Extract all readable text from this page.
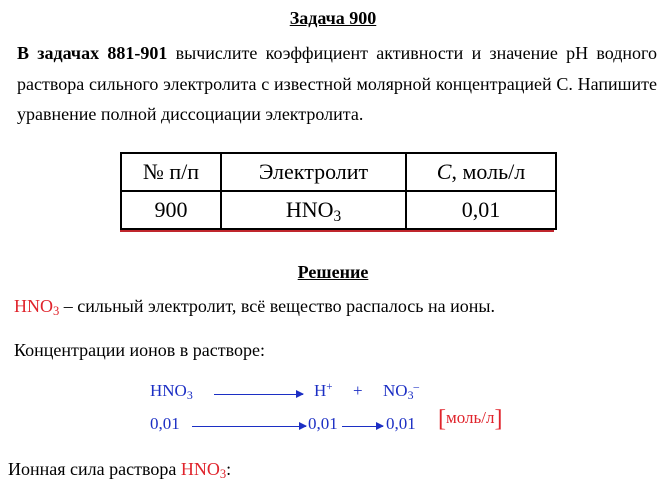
Задача 900
В задачах 881-901 вычислите коэффициент активности и значение pH водного раствора сильного электролита с известной молярной концентрацией С. Напишите уравнение полной диссоциации электролита.
№ п/п	Электролит	C, моль/л
900	$HNO_3$	0,01
Решение
$HNO_3$ – сильный электролит, всё вещество распалось на ионы.
Концентрации ионов в растворе:
$HNO_3$	$H^+ + NO_3^-$
0,01	0,01	0,01 [моль/л]
Ионная сила раствора $HNO_3$:
